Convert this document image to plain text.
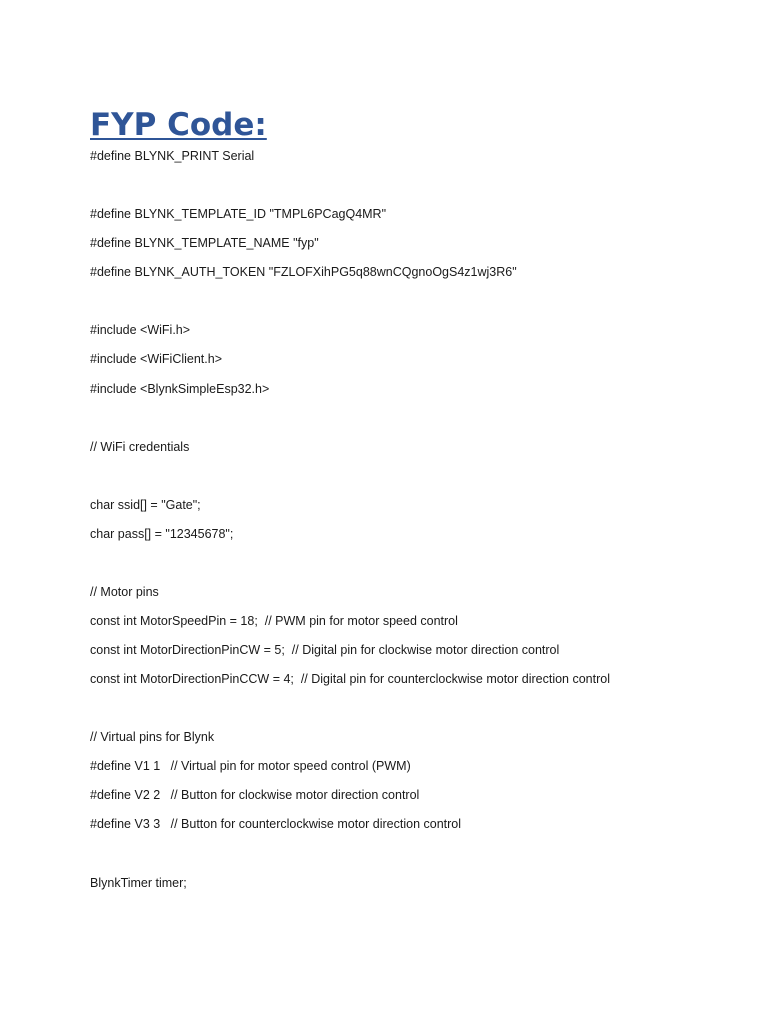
FYP Code:

#define BLYNK_PRINT Serial

#define BLYNK_TEMPLATE_ID "TMPL6PCagQ4MR"

#define BLYNK_TEMPLATE_NAME "fyp"

#define BLYNK_AUTH_TOKEN "FZLOFXihPG5q88wnCQgnoOgS4z1wj3R6"

#include <WiFi.h>

#include <WiFiClient.h>

#include <BlynkSimpleEsp32.h>

// WiFi credentials

char ssid[] = "Gate";

char pass[] = "12345678";

// Motor pins

const int MotorSpeedPin = 18;  // PWM pin for motor speed control

const int MotorDirectionPinCW = 5;  // Digital pin for clockwise motor direction control

const int MotorDirectionPinCCW = 4;  // Digital pin for counterclockwise motor direction control

// Virtual pins for Blynk

#define V1 1   // Virtual pin for motor speed control (PWM)

#define V2 2   // Button for clockwise motor direction control

#define V3 3   // Button for counterclockwise motor direction control

BlynkTimer timer;
